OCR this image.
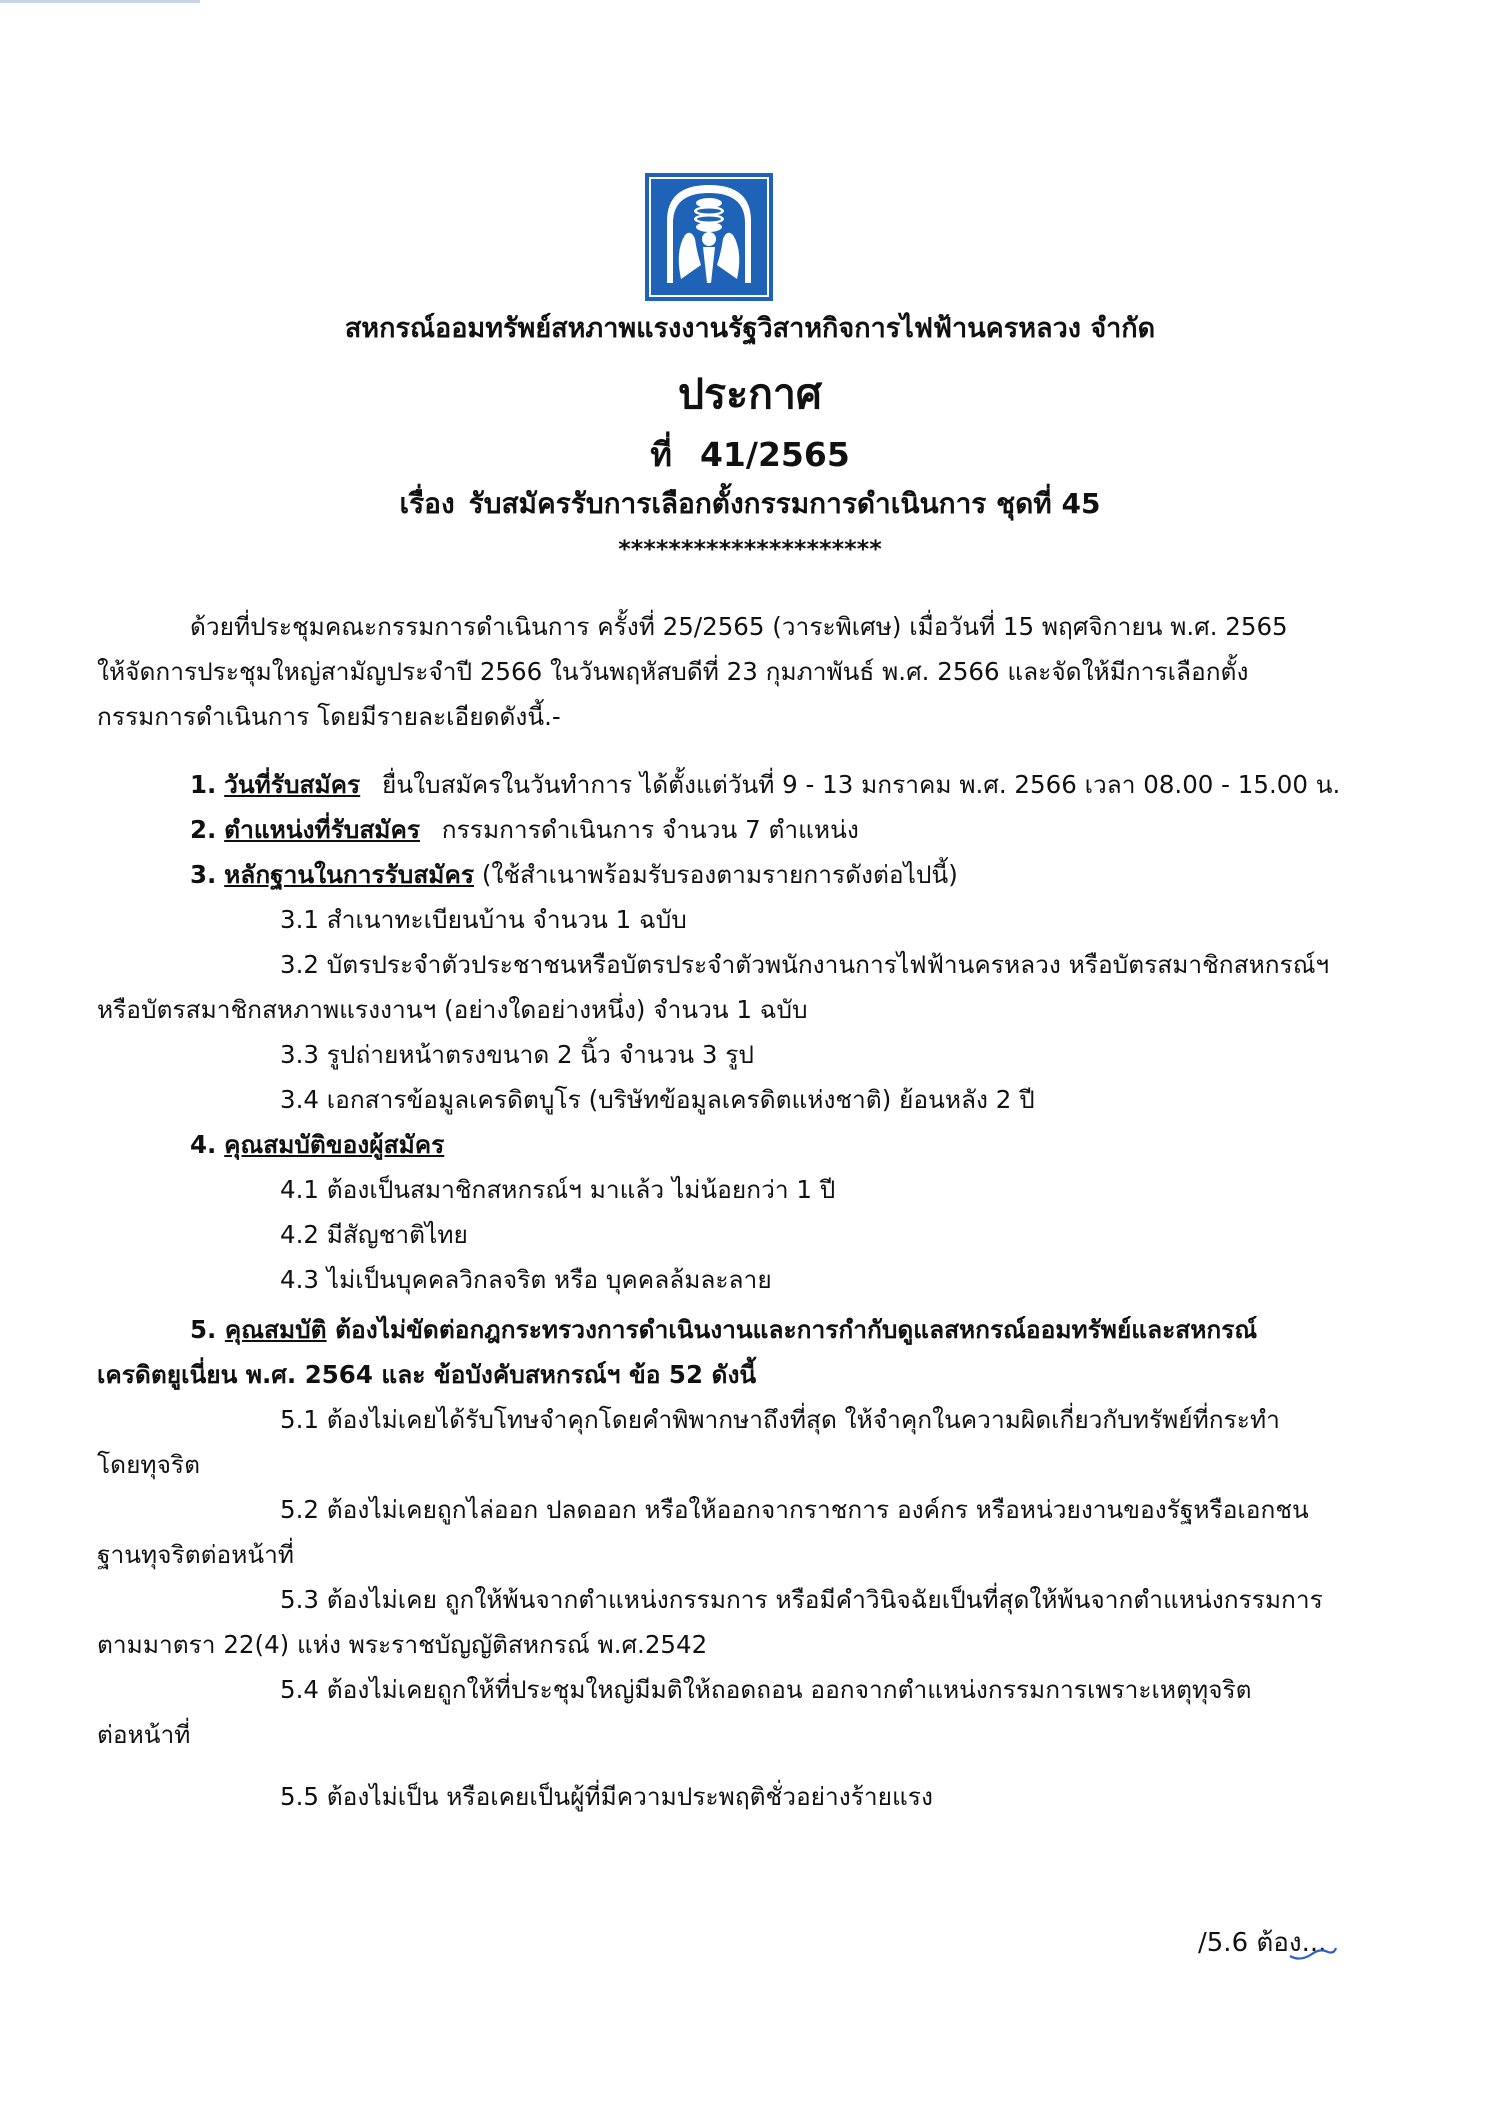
สหกรณ์ออมทรัพย์สหภาพแรงงานรัฐวิสาหกิจการไฟฟ้านครหลวง จำกัด
ประกาศ
ที่ 41/2565
เรื่อง รับสมัครรับการเลือกตั้งกรรมการดำเนินการ ชุดที่ 45
*********************
ด้วยที่ประชุมคณะกรรมการดำเนินการ ครั้งที่ 25/2565 (วาระพิเศษ) เมื่อวันที่ 15 พฤศจิกายน พ.ศ. 2565
ให้จัดการประชุมใหญ่สามัญประจำปี 2566 ในวันพฤหัสบดีที่ 23 กุมภาพันธ์ พ.ศ. 2566 และจัดให้มีการเลือกตั้ง
กรรมการดำเนินการ โดยมีรายละเอียดดังนี้.-
1. วันที่รับสมัคร ยื่นใบสมัครในวันทำการ ได้ตั้งแต่วันที่ 9 - 13 มกราคม พ.ศ. 2566 เวลา 08.00 - 15.00 น.
2. ตำแหน่งที่รับสมัคร กรรมการดำเนินการ จำนวน 7 ตำแหน่ง
3. หลักฐานในการรับสมัคร (ใช้สำเนาพร้อมรับรองตามรายการดังต่อไปนี้)
3.1 สำเนาทะเบียนบ้าน จำนวน 1 ฉบับ
3.2 บัตรประจำตัวประชาชนหรือบัตรประจำตัวพนักงานการไฟฟ้านครหลวง หรือบัตรสมาชิกสหกรณ์ฯ
หรือบัตรสมาชิกสหภาพแรงงานฯ (อย่างใดอย่างหนึ่ง) จำนวน 1 ฉบับ
3.3 รูปถ่ายหน้าตรงขนาด 2 นิ้ว จำนวน 3 รูป
3.4 เอกสารข้อมูลเครดิตบูโร (บริษัทข้อมูลเครดิตแห่งชาติ) ย้อนหลัง 2 ปี
4. คุณสมบัติของผู้สมัคร
4.1 ต้องเป็นสมาชิกสหกรณ์ฯ มาแล้ว ไม่น้อยกว่า 1 ปี
4.2 มีสัญชาติไทย
4.3 ไม่เป็นบุคคลวิกลจริต หรือ บุคคลล้มละลาย
5. คุณสมบัติ ต้องไม่ขัดต่อกฎกระทรวงการดำเนินงานและการกำกับดูแลสหกรณ์ออมทรัพย์และสหกรณ์
เครดิตยูเนี่ยน พ.ศ. 2564 และ ข้อบังคับสหกรณ์ฯ ข้อ 52 ดังนี้
5.1 ต้องไม่เคยได้รับโทษจำคุกโดยคำพิพากษาถึงที่สุด ให้จำคุกในความผิดเกี่ยวกับทรัพย์ที่กระทำ
โดยทุจริต
5.2 ต้องไม่เคยถูกไล่ออก ปลดออก หรือให้ออกจากราชการ องค์กร หรือหน่วยงานของรัฐหรือเอกชน
ฐานทุจริตต่อหน้าที่
5.3 ต้องไม่เคย ถูกให้พ้นจากตำแหน่งกรรมการ หรือมีคำวินิจฉัยเป็นที่สุดให้พ้นจากตำแหน่งกรรมการ
ตามมาตรา 22(4) แห่ง พระราชบัญญัติสหกรณ์ พ.ศ.2542
5.4 ต้องไม่เคยถูกให้ที่ประชุมใหญ่มีมติให้ถอดถอน ออกจากตำแหน่งกรรมการเพราะเหตุทุจริต
ต่อหน้าที่
5.5 ต้องไม่เป็น หรือเคยเป็นผู้ที่มีความประพฤติชั่วอย่างร้ายแรง
/5.6 ต้อง...
